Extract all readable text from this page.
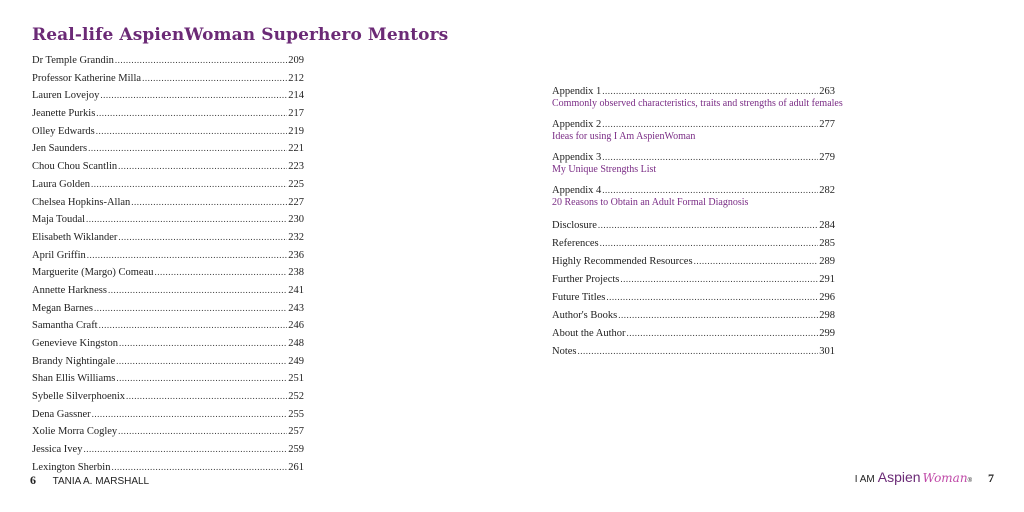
Real-life AspienWoman Superhero Mentors
Dr Temple Grandin .....	209
Professor Katherine Milla .....	212
Lauren Lovejoy .....	214
Jeanette Purkis .....	217
Olley Edwards .....	219
Jen Saunders .....	221
Chou Chou Scantlin .....	223
Laura Golden .....	225
Chelsea Hopkins-Allan .....	227
Maja Toudal .....	230
Elisabeth Wiklander .....	232
April Griffin .....	236
Marguerite (Margo) Comeau .....	238
Annette Harkness .....	241
Megan Barnes .....	243
Samantha Craft .....	246
Genevieve Kingston .....	248
Brandy Nightingale .....	249
Shan Ellis Williams .....	251
Sybelle Silverphoenix .....	252
Dena Gassner .....	255
Xolie Morra Cogley .....	257
Jessica Ivey .....	259
Lexington Sherbin .....	261
Appendix 1 .....	263
Commonly observed characteristics, traits and strengths of adult females
Appendix 2 .....	277
Ideas for using I Am AspienWoman
Appendix 3 .....	279
My Unique Strengths List
Appendix 4 .....	282
20 Reasons to Obtain an Adult Formal Diagnosis
Disclosure .....	284
References .....	285
Highly Recommended Resources .....	289
Further Projects .....	291
Future Titles .....	296
Author's Books .....	298
About the Author .....	299
Notes .....	301
6 TANIA A. MARSHALL	I AM Aspien Woman ® 7
